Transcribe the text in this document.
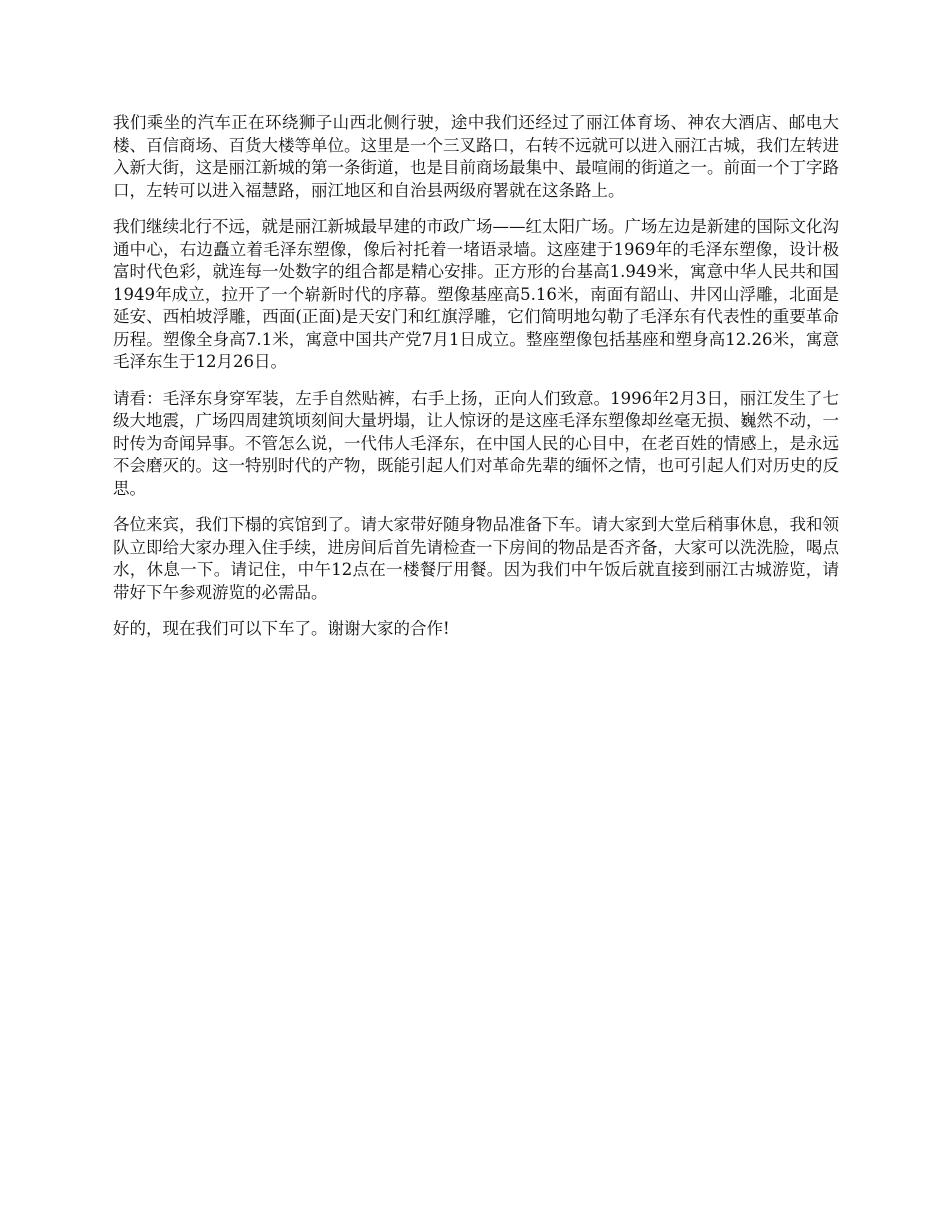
我们乘坐的汽车正在环绕狮子山西北侧行驶，途中我们还经过了丽江体育场、神农大酒店、邮电大楼、百信商场、百货大楼等单位。这里是一个三叉路口，右转不远就可以进入丽江古城，我们左转进入新大街，这是丽江新城的第一条街道，也是目前商场最集中、最喧闹的街道之一。前面一个丁字路口，左转可以进入福慧路，丽江地区和自治县两级府署就在这条路上。

我们继续北行不远，就是丽江新城最早建的市政广场——红太阳广场。广场左边是新建的国际文化沟通中心，右边矗立着毛泽东塑像，像后衬托着一堵语录墙。这座建于1969年的毛泽东塑像，设计极富时代色彩，就连每一处数字的组合都是精心安排。正方形的台基高1.949米，寓意中华人民共和国1949年成立，拉开了一个崭新时代的序幕。塑像基座高5.16米，南面有韶山、井冈山浮雕，北面是延安、西柏坡浮雕，西面(正面)是天安门和红旗浮雕，它们简明地勾勒了毛泽东有代表性的重要革命历程。塑像全身高7.1米，寓意中国共产党7月1日成立。整座塑像包括基座和塑身高12.26米，寓意毛泽东生于12月26日。

请看：毛泽东身穿军装，左手自然贴裤，右手上扬，正向人们致意。1996年2月3日，丽江发生了七级大地震，广场四周建筑顷刻间大量坍塌，让人惊讶的是这座毛泽东塑像却丝毫无损、巍然不动，一时传为奇闻异事。不管怎么说，一代伟人毛泽东，在中国人民的心目中，在老百姓的情感上，是永远不会磨灭的。这一特别时代的产物，既能引起人们对革命先辈的缅怀之情，也可引起人们对历史的反思。

各位来宾，我们下榻的宾馆到了。请大家带好随身物品准备下车。请大家到大堂后稍事休息，我和领队立即给大家办理入住手续，进房间后首先请检查一下房间的物品是否齐备，大家可以洗洗脸，喝点水，休息一下。请记住，中午12点在一楼餐厅用餐。因为我们中午饭后就直接到丽江古城游览，请带好下午参观游览的必需品。

好的，现在我们可以下车了。谢谢大家的合作!
